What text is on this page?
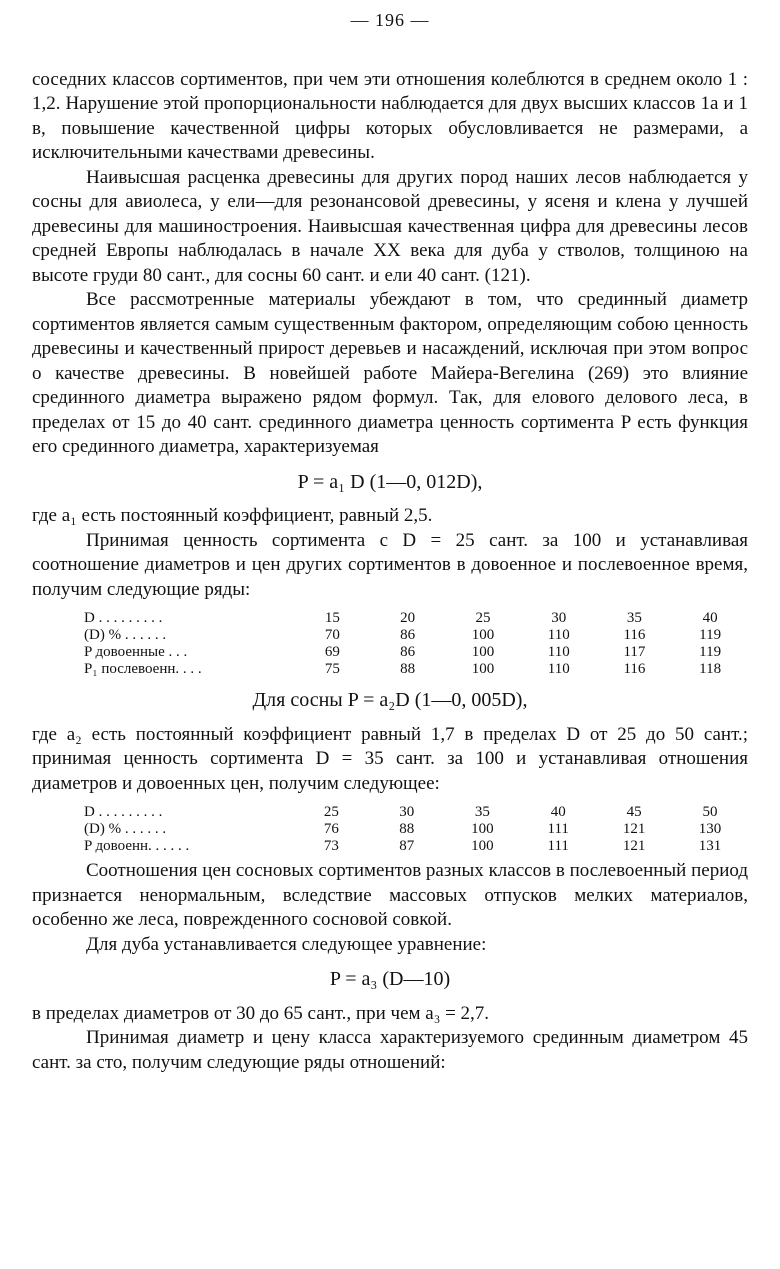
— 196 —

соседних классов сортиментов, при чем эти отношения колеблются в среднем около 1 : 1,2. Нарушение этой пропорциональности наблюдается для двух высших классов 1а и 1 в, повышение качественной цифры которых обусловливается не размерами, а исключительными качествами древесины.

Наивысшая расценка древесины для других пород наших лесов наблюдается у сосны для авиолеса, у ели—для резонансовой древесины, у ясеня и клена у лучшей древесины для машиностроения. Наивысшая качественная цифра для древесины лесов средней Европы наблюдалась в начале XX века для дуба у стволов, толщиною на высоте груди 80 сант., для сосны 60 сант. и ели 40 сант. (121).

Все рассмотренные материалы убеждают в том, что срединный диаметр сортиментов является самым существенным фактором, определяющим собою ценность древесины и качественный прирост деревьев и насаждений, исключая при этом вопрос о качестве древесины. В новейшей работе Майера-Вегелина (269) это влияние срединного диаметра выражено рядом формул. Так, для елового делового леса, в пределах от 15 до 40 сант. срединного диаметра ценность сортимента P есть функция его срединного диаметра, характеризуемая

P = a₁ D (1—0, 012D),

где a₁ есть постоянный коэффициент, равный 2,5.

Принимая ценность сортимента с D = 25 сант. за 100 и устанавливая соотношение диаметров и цен других сортиментов в довоенное и послевоенное время, получим следующие ряды:

D . . . . . . . . .	15	20	25	30	35	40
(D) % . . . . . .	70	86	100	110	116	119
P довоенные . . .	69	86	100	110	117	119
P₁ послевоенн. . . .	75	88	100	110	116	118
Для сосны P = a₂D (1—0, 005D),

где a₂ есть постоянный коэффициент равный 1,7 в пределах D от 25 до 50 сант.; принимая ценность сортимента D = 35 сант. за 100 и устанавливая отношения диаметров и довоенных цен, получим следующее:

D . . . . . . . . .	25	30	35	40	45	50
(D) % . . . . . .	76	88	100	111	121	130
P довоенн. . . . . .	73	87	100	111	121	131

Соотношения цен сосновых сортиментов разных классов в послевоенный период признается ненормальным, вследствие массовых отпусков мелких материалов, особенно же леса, поврежденного сосновой совкой.

Для дуба устанавливается следующее уравнение:

P = a₃ (D—10)

в пределах диаметров от 30 до 65 сант., при чем a₃ = 2,7.

Принимая диаметр и цену класса характеризуемого срединным диаметром 45 сант. за сто, получим следующие ряды отношений:
